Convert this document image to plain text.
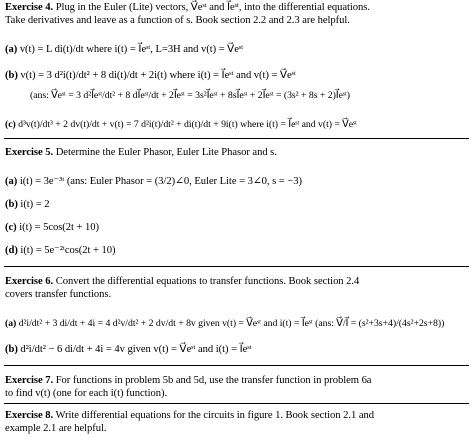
Exercise 4. Plug in the Euler (Lite) vectors, V⃗eˢᵗ and I⃗eˢᵗ, into the differential equations.
Take derivatives and leave as a function of s. Book section 2.2 and 2.3 are helpful.
(a) v(t) = L di(t)/dt where i(t) = I⃗eˢᵗ, L=3H and v(t) = V⃗eˢᵗ
(b) v(t) = 3 d²i(t)/dt² + 8 di(t)/dt + 2i(t) where i(t) = I⃗eˢᵗ and v(t) = V⃗eˢᵗ
(ans: V⃗eˢᵗ = 3 d²I⃗eˢᵗ/dt² + 8 dI⃗eˢᵗ/dt + 2I⃗eˢᵗ = 3s²I⃗eˢᵗ + 8sI⃗eˢᵗ + 2I⃗eˢᵗ = (3s² + 8s + 2)I⃗eˢᵗ)
(c) d³v(t)/dt³ + 2 dv(t)/dt + v(t) = 7 d²i(t)/dt² + di(t)/dt + 9i(t) where i(t) = I⃗eˢᵗ and v(t) = V⃗eˢᵗ
Exercise 5. Determine the Euler Phasor, Euler Lite Phasor and s.
(a) i(t) = 3e⁻³ᵗ (ans: Euler Phasor = (3/2)∠0, Euler Lite = 3∠0, s = −3)
(b) i(t) = 2
(c) i(t) = 5cos(2t + 10)
(d) i(t) = 5e⁻²ᵗcos(2t + 10)
Exercise 6. Convert the differential equations to transfer functions. Book section 2.4
covers transfer functions.
(a) d²i/dt² + 3 di/dt + 4i = 4 d²v/dt² + 2 dv/dt + 8v given v(t) = V⃗eˢᵗ and i(t) = I⃗eˢᵗ (ans: V⃗/I⃗ = (s²+3s+4)/(4s²+2s+8))
(b) d²i/dt² − 6 di/dt + 4i = 4v given v(t) = V⃗eˢᵗ and i(t) = I⃗eˢᵗ
Exercise 7. For functions in problem 5b and 5d, use the transfer function in problem 6a
to find v(t) (one for each i(t) function).
Exercise 8. Write differential equations for the circuits in figure 1. Book section 2.1 and
example 2.1 are helpful.
